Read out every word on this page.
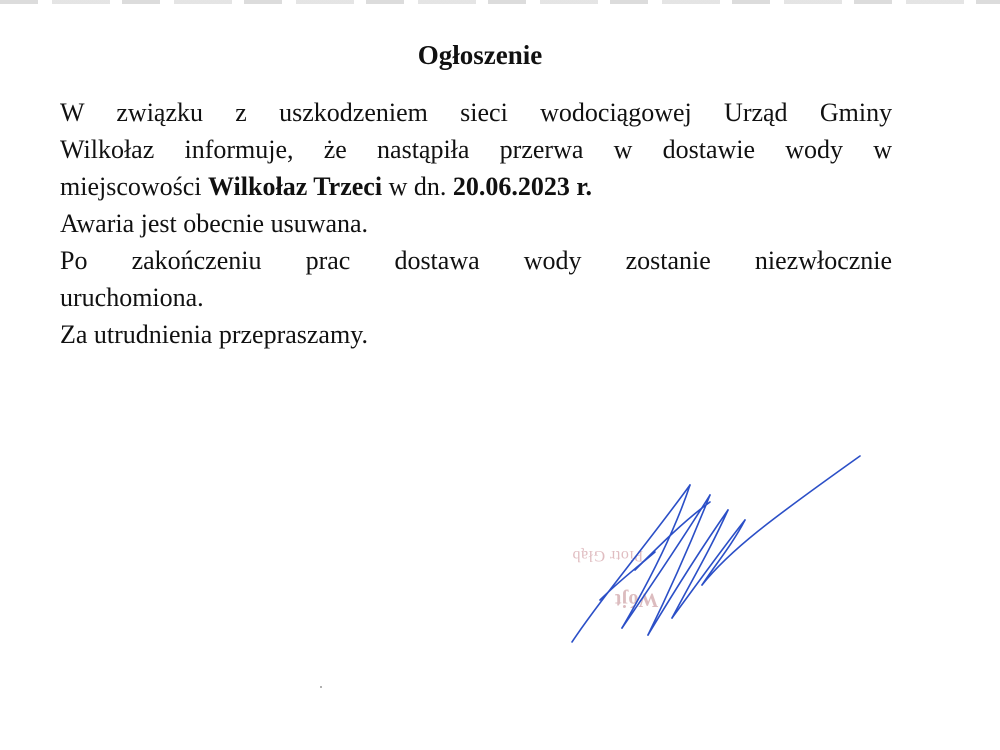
Ogłoszenie
W związku z uszkodzeniem sieci wodociągowej Urząd Gminy
Wilkołaz informuje, że nastąpiła przerwa w dostawie wody w
miejscowości Wilkołaz Trzeci w dn. 20.06.2023 r.
Awaria jest obecnie usuwana.
Po zakończeniu prac dostawa wody zostanie niezwłocznie
uruchomiona.
Za utrudnienia przepraszamy.
Piotr Głąb
Wójt
